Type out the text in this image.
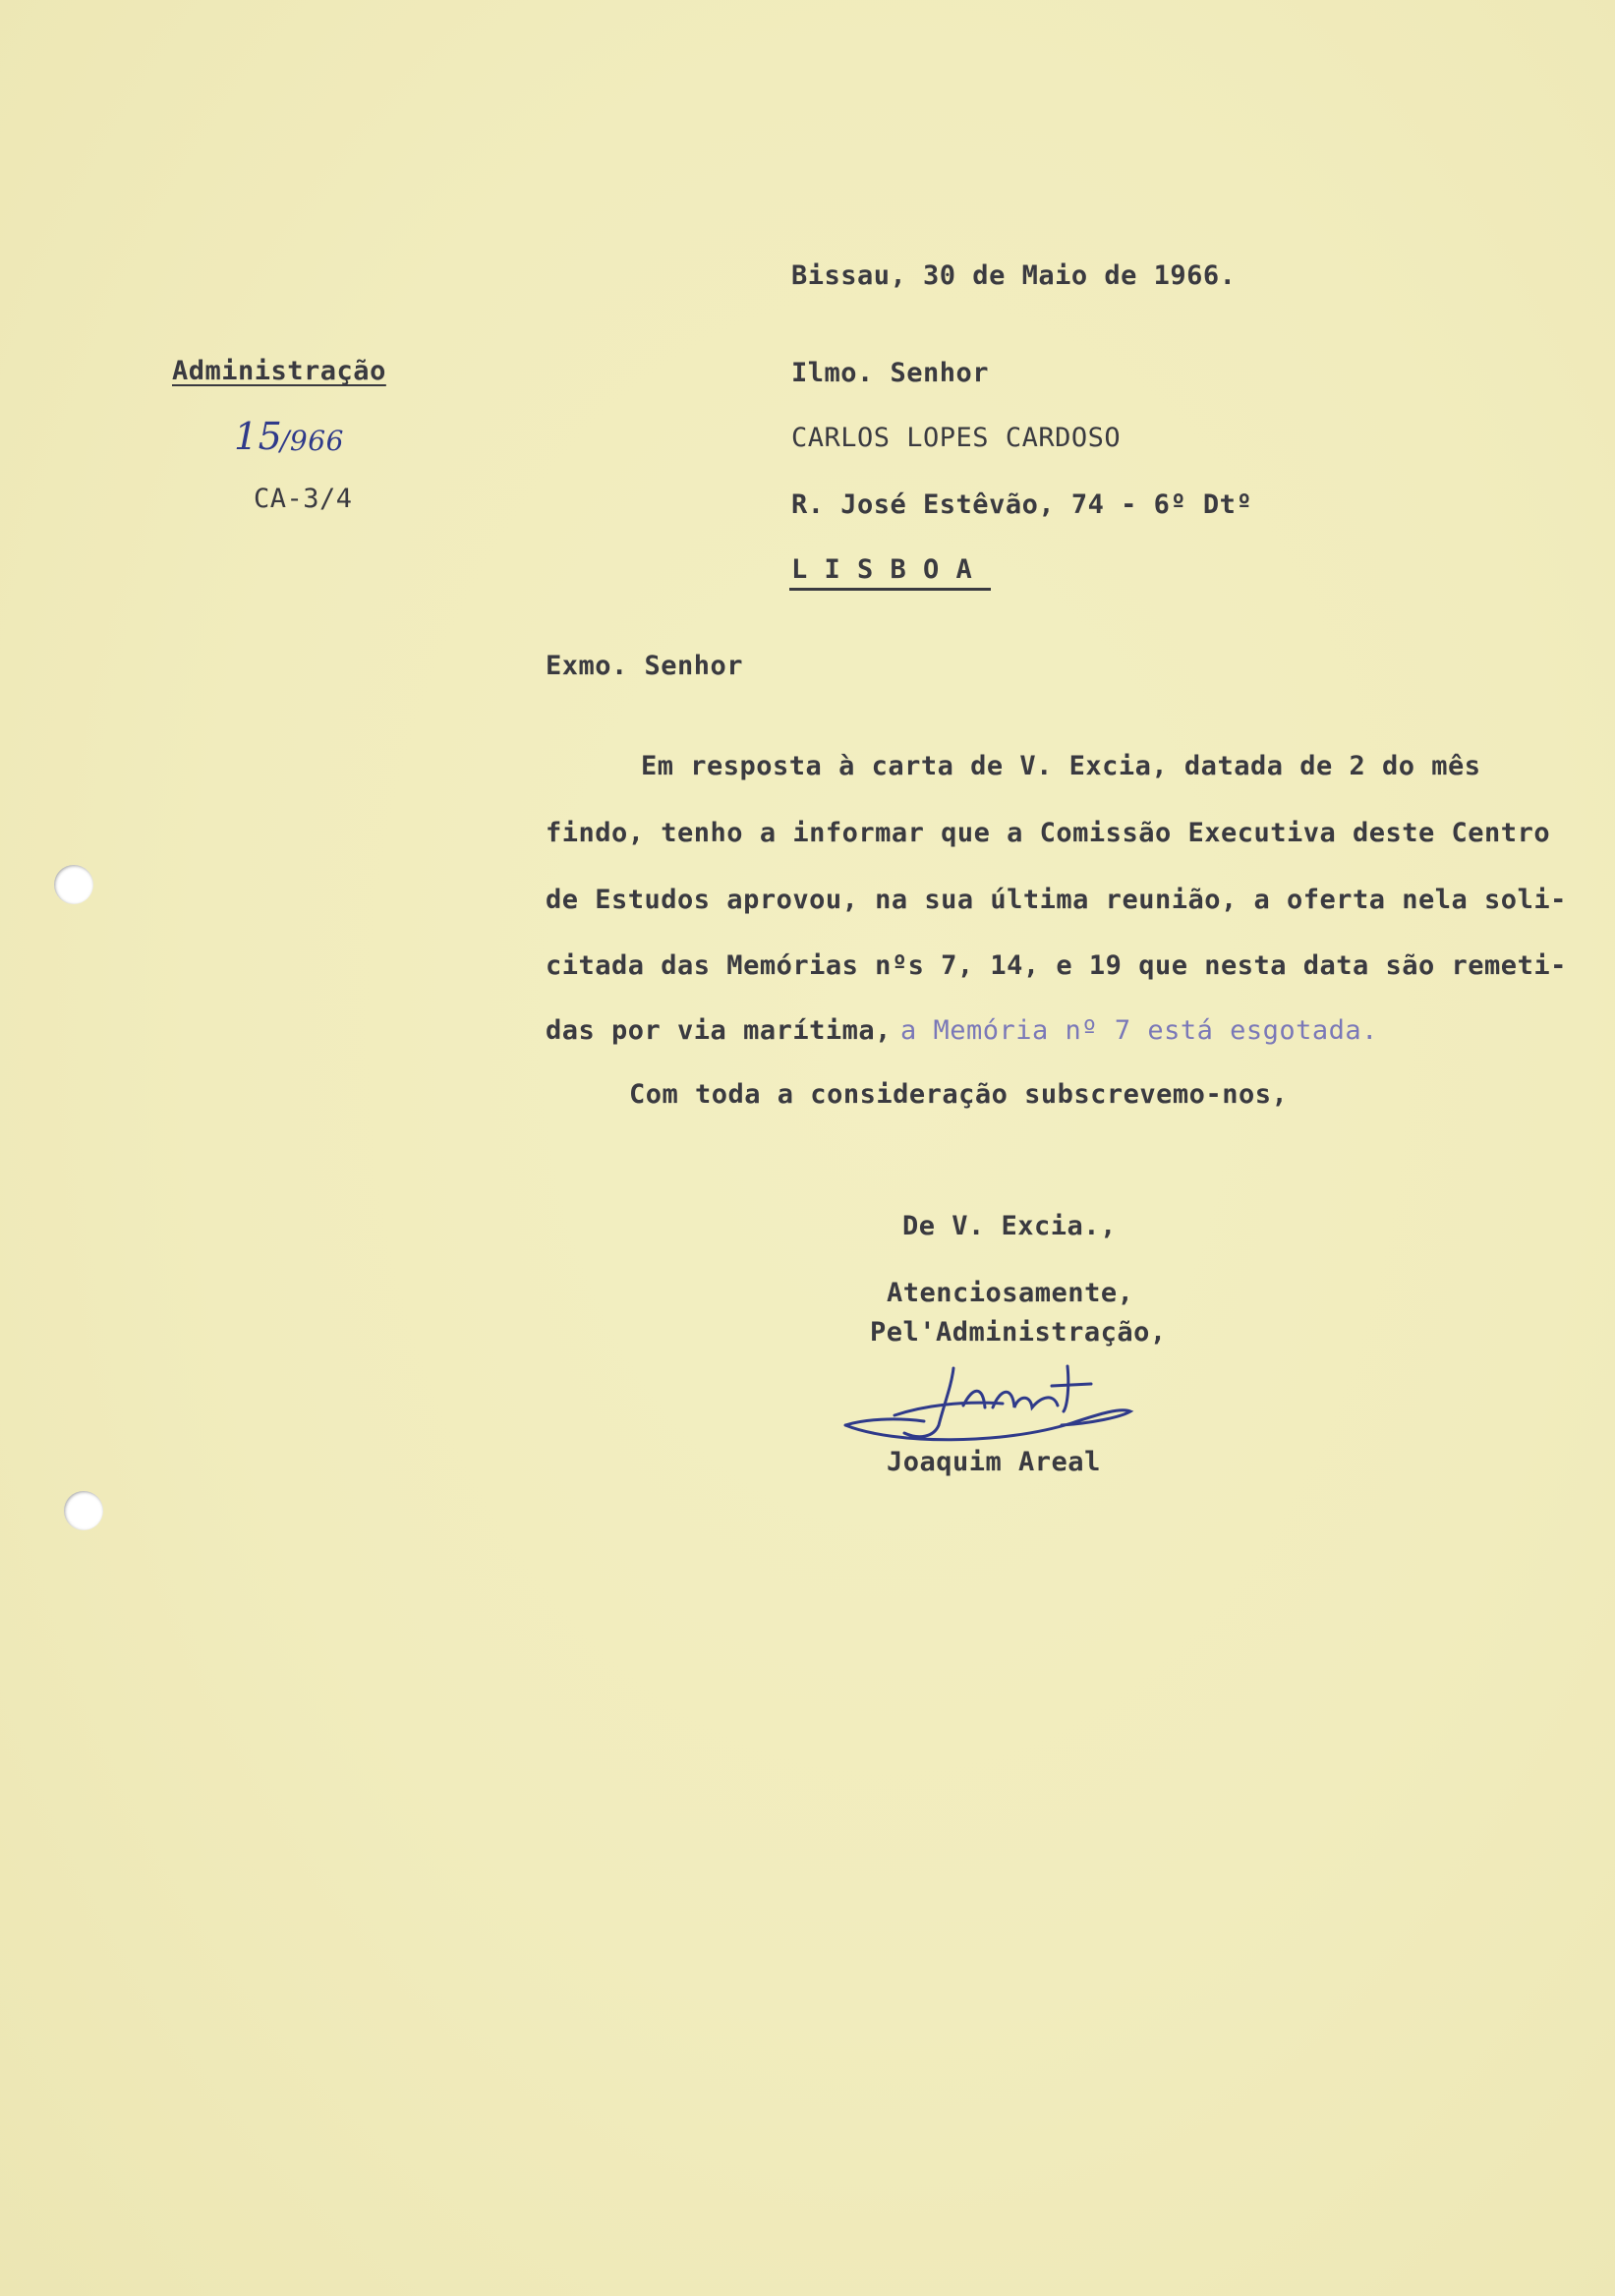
Bissau, 30 de Maio de 1966.
Administração
15
/966
CA-3/4
Ilmo. Senhor
CARLOS LOPES CARDOSO
R. José Estêvão, 74 - 6º Dtº
L I S B O A
Exmo. Senhor
Em resposta à carta de V. Excia, datada de 2 do mês
findo, tenho a informar que a Comissão Executiva deste Centro
de Estudos aprovou, na sua última reunião, a oferta nela soli-
citada das Memórias nºs 7, 14, e 19 que nesta data são remeti-
das por via marítima, a Memória nº 7 está esgotada.
Com toda a consideração subscrevemo-nos,
De V. Excia.,
Atenciosamente,
Pel'Administração,
Joaquim Areal
